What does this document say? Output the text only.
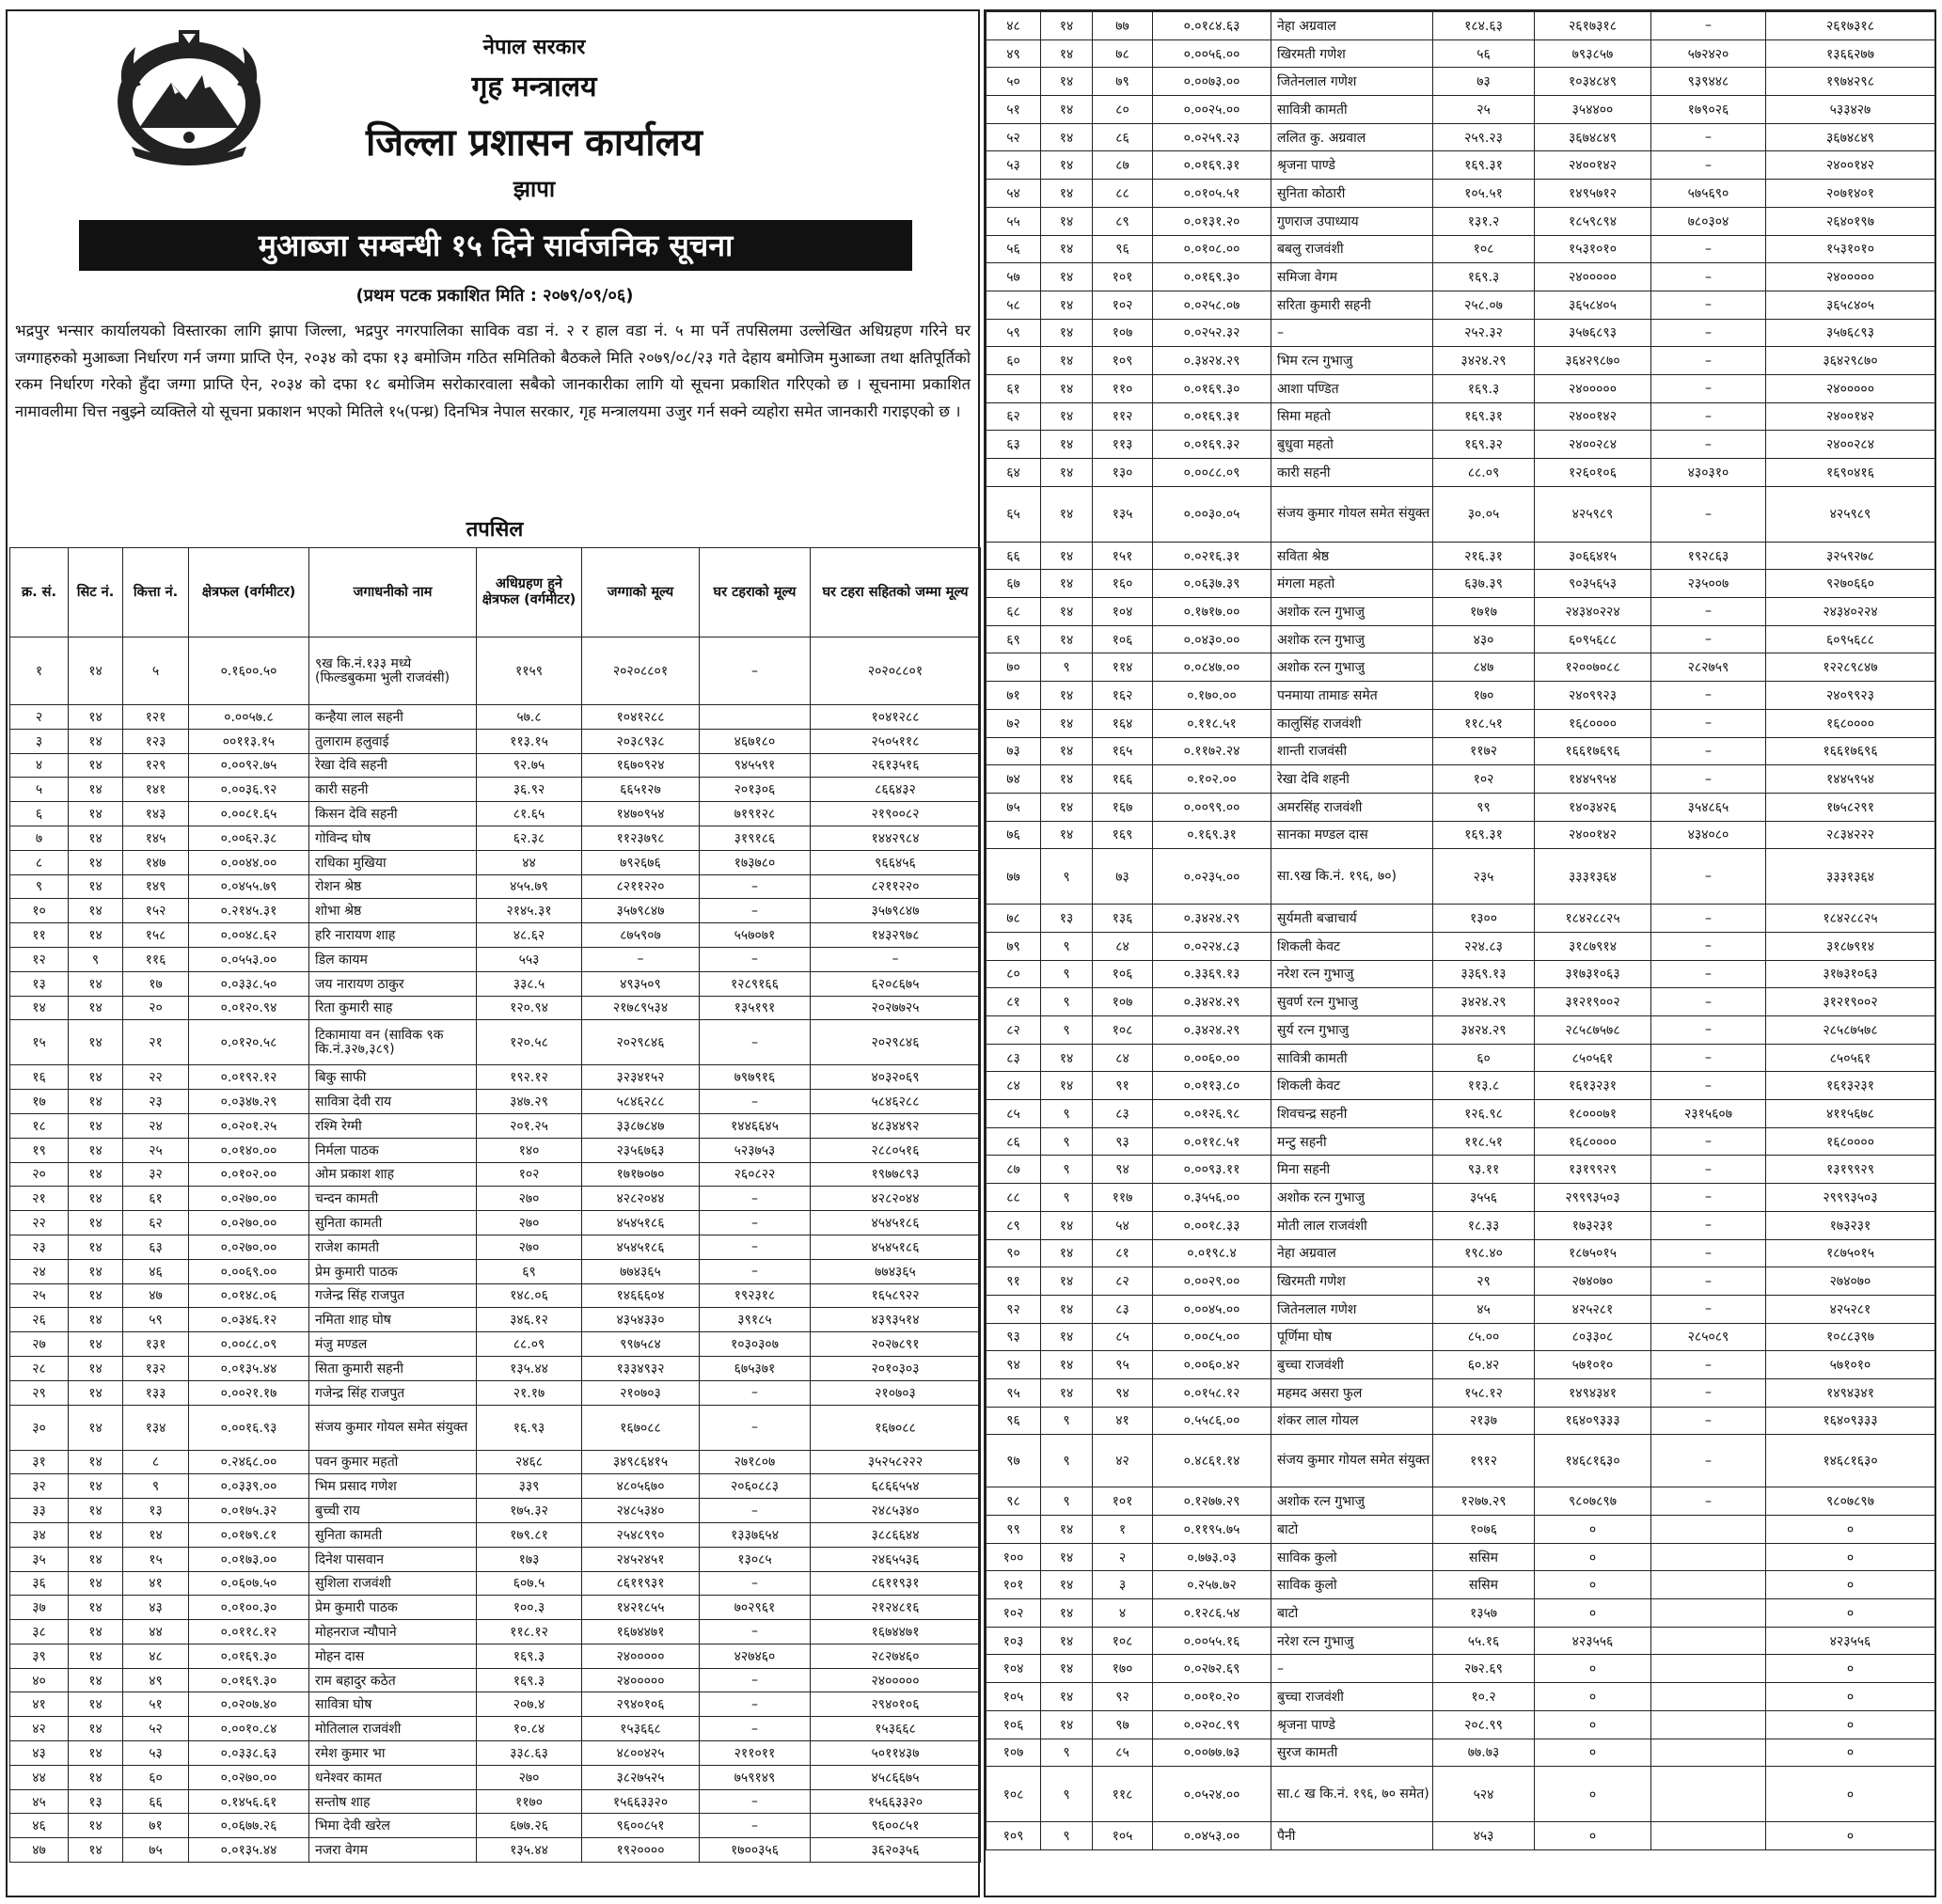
नेपाल सरकार
गृह मन्त्रालय
जिल्ला प्रशासन कार्यालय
झापा
मुआब्जा सम्बन्धी १५ दिने सार्वजनिक सूचना
(प्रथम पटक प्रकाशित मिति : २०७९/०९/०६)
भद्रपुर भन्सार कार्यालयको विस्तारका लागि झापा जिल्ला, भद्रपुर नगरपालिका साविक वडा नं. २ र हाल वडा नं. ५ मा पर्ने तपसिलमा उल्लेखित अधिग्रहण गरिने घर जग्गाहरुको मुआब्जा निर्धारण गर्न जग्गा प्राप्ति ऐन, २०३४ को दफा १३ बमोजिम गठित समितिको बैठकले मिति २०७९/०८/२३ गते देहाय बमोजिम मुआब्जा तथा क्षतिपूर्तिको रकम निर्धारण गरेको हुँदा जग्गा प्राप्ति ऐन, २०३४ को दफा १८ बमोजिम सरोकारवाला सबैको जानकारीका लागि यो सूचना प्रकाशित गरिएको छ । सूचनामा प्रकाशित नामावलीमा चित्त नबुझ्ने व्यक्तिले यो सूचना प्रकाशन भएको मितिले १५(पन्ध्र) दिनभित्र नेपाल सरकार, गृह मन्त्रालयमा उजुर गर्न सक्ने व्यहोरा समेत जानकारी गराइएको छ ।
तपसिल
क्र. सं.	सिट नं.	कित्ता नं.	क्षेत्रफल (वर्गमीटर)	जगाधनीको नाम	अधिग्रहण हुने क्षेत्रफल (वर्गमीटर)	जग्गाको मूल्य	घर टहराको मूल्य	घर टहरा सहितको जम्मा मूल्य
१	१४	५	०.१६००.५०	९ख कि.नं.१३३ मध्ये (फिल्डबुकमा भुली राजवंसी)	११५९	२०२०८८०१	–	२०२०८८०१
२	१४	१२१	०.००५७.८	कन्हैया लाल सहनी	५७.८	१०४१२८८		१०४१२८८
३	१४	१२३	००११३.१५	तुलाराम हलुवाई	११३.१५	२०३८९३८	४६७१८०	२५०५११८
४	१४	१२९	०.००९२.७५	रेखा देवि सहनी	९२.७५	१६७०९२४	९४५५९१	२६१३५१६
५	१४	१४१	०.००३६.९२	कारी सहनी	३६.९२	६६५१२७	२०१३०६	८६६४३२
६	१४	१४३	०.००८१.६५	किसन देवि सहनी	८१.६५	१४७०९५४	७१९१२८	२१९००८२
७	१४	१४५	०.००६२.३८	गोविन्द घोष	६२.३८	११२३७९८	३१९१८६	१४४२९८४
८	१४	१४७	०.००४४.००	राधिका मुखिया	४४	७९२६७६	१७३७८०	९६६४५६
९	१४	१४९	०.०४५५.७९	रोशन श्रेष्ठ	४५५.७९	८२११२२०	–	८२११२२०
१०	१४	१५२	०.२१४५.३१	शोभा श्रेष्ठ	२१४५.३१	३५७९८४७	–	३५७९८४७
११	१४	१५८	०.००४८.६२	हरि नारायण शाह	४८.६२	८७५९०७	५५७०७१	१४३२९७८
१२	९	११६	०.०५५३.००	डिल कायम	५५३	–	–	–
१३	१४	१७	०.०३३८.५०	जय नारायण ठाकुर	३३८.५	४९३५०९	१२८९१६६	६२०८६७५
१४	१४	२०	०.०१२०.९४	रिता कुमारी साह	१२०.९४	२१७८९५३४	१३५१९१	२०२७७२५
१५	१४	२१	०.०१२०.५८	टिकामाया वन (साविक ९क कि.नं.३२७,३८९)	१२०.५८	२०२९८४६	–	२०२९८४६
१६	१४	२२	०.०१९२.१२	बिकु साफी	१९२.१२	३२३४१५२	७९७९१६	४०३२०६९
१७	१४	२३	०.०३४७.२९	सावित्रा देवी राय	३४७.२९	५८४६२८८	–	५८४६२८८
१८	१४	२४	०.०२०१.२५	रश्मि रेग्मी	२०१.२५	३३८७८४७	१४४६६४५	४८३४४९२
१९	१४	२५	०.०१४०.००	निर्मला पाठक	१४०	२३५६७६३	५२३७५३	२८८०५१६
२०	१४	३२	०.०१०२.००	ओम प्रकाश शाह	१०२	१७१७०७०	२६०८२२	१९७७८९३
२१	१४	६१	०.०२७०.००	चन्दन कामती	२७०	४२८२०४४	–	४२८२०४४
२२	१४	६२	०.०२७०.००	सुनिता कामती	२७०	४५४५१८६	–	४५४५१८६
२३	१४	६३	०.०२७०.००	राजेश कामती	२७०	४५४५१८६	–	४५४५१८६
२४	१४	४६	०.००६९.००	प्रेम कुमारी पाठक	६९	७७४३६५	–	७७४३६५
२५	१४	४७	०.०१४८.०६	गजेन्द्र सिंह राजपुत	१४८.०६	१४६६६०४	१९२३१८	१६५८९२२
२६	१४	५९	०.०३४६.१२	नमिता शाह घोष	३४६.१२	४३५४३३०	३९१८५	४३९३५१४
२७	१४	१३१	०.००८८.०९	मंजु मण्डल	८८.०९	९९७५८४	१०३०३०७	२०२७८९१
२८	१४	१३२	०.०१३५.४४	सिता कुमारी सहनी	१३५.४४	१३३४९३२	६७५३७१	२०१०३०३
२९	१४	१३३	०.००२१.१७	गजेन्द्र सिंह राजपुत	२१.१७	२१०७०३	–	२१०७०३
३०	१४	१३४	०.००१६.९३	संजय कुमार गोयल समेत संयुक्त	१६.९३	१६७०८८	–	१६७०८८
३१	१४	८	०.२४६८.००	पवन कुमार महतो	२४६८	३४९८६४१५	२७१८०७	३५२५८२२२
३२	१४	९	०.०३३९.००	भिम प्रसाद गणेश	३३९	४८०५६७०	२०६०८८३	६८६६५५४
३३	१४	१३	०.०१७५.३२	बुच्ची राय	१७५.३२	२४८५३४०	–	२४८५३४०
३४	१४	१४	०.०१७९.८१	सुनिता कामती	१७९.८१	२५४८९९०	१३३७६५४	३८८६६४४
३५	१४	१५	०.०१७३.००	दिनेश पासवान	१७३	२४५२४५१	१३०८५	२४६५५३६
३६	१४	४१	०.०६०७.५०	सुशिला राजवंशी	६०७.५	८६११९३१	–	८६११९३१
३७	१४	४३	०.०१००.३०	प्रेम कुमारी पाठक	१००.३	१४२१८५५	७०२९६१	२१२४८१६
३८	१४	४४	०.०११८.१२	मोहनराज न्यौपाने	११८.१२	१६७४४७१	–	१६७४४७१
३९	१४	४८	०.०१६९.३०	मोहन दास	१६९.३	२४०००००	४२७४६०	२८२७४६०
४०	१४	४९	०.०१६९.३०	राम बहादुर कठेत	१६९.३	२४०००००	–	२४०००००
४१	१४	५१	०.०२०७.४०	सावित्रा घोष	२०७.४	२९४०१०६	–	२९४०१०६
४२	१४	५२	०.००१०.८४	मोतिलाल राजवंशी	१०.८४	१५३६६८	–	१५३६६८
४३	१४	५३	०.०३३८.६३	रमेश कुमार भा	३३८.६३	४८००४२५	२११०११	५०११४३७
४४	१४	६०	०.०२७०.००	धनेश्वर कामत	२७०	३८२७५२५	७५९१४९	४५८६६७५
४५	१३	६६	०.१४५६.६१	सन्तोष शाह	११७०	१५६६३३२०	–	१५६६३३२०
४६	१४	७१	०.०६७७.२६	भिमा देवी खरेल	६७७.२६	९६००८५१	–	९६००८५१
४७	१४	७५	०.०१३५.४४	नजरा वेगम	१३५.४४	१९२००००	१७००३५६	३६२०३५६
४८	१४	७७	०.०१८४.६३	नेहा अग्रवाल	१८४.६३	२६१७३१८	–	२६१७३१८
४९	१४	७८	०.००५६.००	खिरमती गणेश	५६	७९३८५७	५७२४२०	१३६६२७७
५०	१४	७९	०.००७३.००	जितेनलाल गणेश	७३	१०३४८४९	९३९४४८	१९७४२९८
५१	१४	८०	०.००२५.००	सावित्री कामती	२५	३५४४००	१७९०२६	५३३४२७
५२	१४	८६	०.०२५९.२३	ललित कु. अग्रवाल	२५९.२३	३६७४८४९	–	३६७४८४९
५३	१४	८७	०.०१६९.३१	श्रृजना पाण्डे	१६९.३१	२४००१४२	–	२४००१४२
५४	१४	८८	०.०१०५.५१	सुनिता कोठारी	१०५.५१	१४९५७१२	५७५६९०	२०७१४०१
५५	१४	८९	०.०१३१.२०	गुणराज उपाध्याय	१३१.२	१८५९८९४	७८०३०४	२६४०१९७
५६	१४	९६	०.०१०८.००	बबलु राजवंशी	१०८	१५३१०१०	–	१५३१०१०
५७	१४	१०१	०.०१६९.३०	समिजा वेगम	१६९.३	२४०००००	–	२४०००००
५८	१४	१०२	०.०२५८.०७	सरिता कुमारी सहनी	२५८.०७	३६५८४०५	–	३६५८४०५
५९	१४	१०७	०.०२५२.३२	–	२५२.३२	३५७६८९३	–	३५७६८९३
६०	१४	१०९	०.३४२४.२९	भिम रत्न गुभाजु	३४२४.२९	३६४२९८७०	–	३६४२९८७०
६१	१४	११०	०.०१६९.३०	आशा पण्डित	१६९.३	२४०००००	–	२४०००००
६२	१४	११२	०.०१६९.३१	सिमा महतो	१६९.३१	२४००१४२	–	२४००१४२
६३	१४	११३	०.०१६९.३२	बुधुवा महतो	१६९.३२	२४००२८४	–	२४००२८४
६४	१४	१३०	०.००८८.०९	कारी सहनी	८८.०९	१२६०१०६	४३०३१०	१६९०४१६
६५	१४	१३५	०.००३०.०५	संजय कुमार गोयल समेत संयुक्त	३०.०५	४२५९८९	–	४२५९८९
६६	१४	१५१	०.०२१६.३१	सविता श्रेष्ठ	२१६.३१	३०६६४१५	१९२८६३	३२५९२७८
६७	१४	१६०	०.०६३७.३९	मंगला महतो	६३७.३९	९०३५६५३	२३५००७	९२७०६६०
६८	१४	१०४	०.१७१७.००	अशोक रत्न गुभाजु	१७१७	२४३४०२२४	–	२४३४०२२४
६९	१४	१०६	०.०४३०.००	अशोक रत्न गुभाजु	४३०	६०९५६८८	–	६०९५६८८
७०	९	११४	०.०८४७.००	अशोक रत्न गुभाजु	८४७	१२००७०८८	२८२७५९	१२२८९८४७
७१	१४	१६२	०.१७०.००	पनमाया तामाङ समेत	१७०	२४०९९२३	–	२४०९९२३
७२	१४	१६४	०.११८.५१	कालुसिंह राजवंशी	११८.५१	१६८००००	–	१६८००००
७३	१४	१६५	०.११७२.२४	शान्ती राजवंसी	११७२	१६६१७६९६	–	१६६१७६९६
७४	१४	१६६	०.१०२.००	रेखा देवि शहनी	१०२	१४४५९५४	–	१४४५९५४
७५	१४	१६७	०.००९९.००	अमरसिंह राजवंशी	९९	१४०३४२६	३५४८६५	१७५८२९१
७६	१४	१६९	०.१६९.३१	सानका मण्डल दास	१६९.३१	२४००१४२	४३४०८०	२८३४२२२
७७	९	७३	०.०२३५.००	सा.९ख कि.नं. १९६, ७०)	२३५	३३३१३६४	–	३३३१३६४
७८	१३	१३६	०.३४२४.२९	सुर्यमती बज्राचार्य	१३००	१८४२८८२५	–	१८४२८८२५
७९	९	८४	०.०२२४.८३	शिकली केवट	२२४.८३	३१८७९१४	–	३१८७९१४
८०	९	१०६	०.३३६९.१३	नरेश रत्न गुभाजु	३३६९.१३	३१७३१०६३	–	३१७३१०६३
८१	९	१०७	०.३४२४.२९	सुवर्ण रत्न गुभाजु	३४२४.२९	३१२१९००२	–	३१२१९००२
८२	९	१०८	०.३४२४.२९	सुर्य रत्न गुभाजु	३४२४.२९	२८५८७५७८	–	२८५८७५७८
८३	१४	८४	०.००६०.००	सावित्री कामती	६०	८५०५६१	–	८५०५६१
८४	१४	९१	०.०११३.८०	शिकली केवट	११३.८	१६१३२३१	–	१६१३२३१
८५	९	८३	०.०१२६.९८	शिवचन्द्र सहनी	१२६.९८	१८०००७१	२३१५६०७	४११५६७८
८६	९	९३	०.०११८.५१	मन्टु सहनी	११८.५१	१६८००००	–	१६८००००
८७	९	९४	०.००९३.११	मिना सहनी	९३.११	१३१९९२९	–	१३१९९२९
८८	९	११७	०.३५५६.००	अशोक रत्न गुभाजु	३५५६	२९९९३५०३	–	२९९९३५०३
८९	१४	५४	०.००१८.३३	मोती लाल राजवंशी	१८.३३	१७३२३१	–	१७३२३१
९०	१४	८१	०.०१९८.४	नेहा अग्रवाल	१९८.४०	१८७५०१५	–	१८७५०१५
९१	१४	८२	०.००२९.००	खिरमती गणेश	२९	२७४०७०	–	२७४०७०
९२	१४	८३	०.००४५.००	जितेनलाल गणेश	४५	४२५२८१	–	४२५२८१
९३	१४	८५	०.००८५.००	पूर्णिमा घोष	८५.००	८०३३०८	२८५०८९	१०८८३९७
९४	१४	९५	०.००६०.४२	बुच्चा राजवंशी	६०.४२	५७१०१०	–	५७१०१०
९५	१४	९४	०.०१५८.१२	महमद असरा फुल	१५८.१२	१४९४३४१	–	१४९४३४१
९६	९	४१	०.५५८६.००	शंकर लाल गोयल	२१३७	१६४०९३३३	–	१६४०९३३३
९७	९	४२	०.४८६१.१४	संजय कुमार गोयल समेत संयुक्त	१९१२	१४६८१६३०	–	१४६८१६३०
९८	९	१०१	०.१२७७.२९	अशोक रत्न गुभाजु	१२७७.२९	९८०७८९७	–	९८०७८९७
९९	१४	१	०.११९५.७५	बाटो	१०७६	०		०
१००	१४	२	०.७७३.०३	साविक कुलो	ससिम	०		०
१०१	१४	३	०.२५७.७२	साविक कुलो	ससिम	०		०
१०२	१४	४	०.१२८६.५४	बाटो	१३५७	०		०
१०३	१४	१०८	०.००५५.१६	नरेश रत्न गुभाजु	५५.१६	४२३५५६		४२३५५६
१०४	१४	१७०	०.०२७२.६९	–	२७२.६९	०		०
१०५	१४	९२	०.००१०.२०	बुच्चा राजवंशी	१०.२	०		०
१०६	१४	९७	०.०२०८.९९	श्रृजना पाण्डे	२०८.९९	०		०
१०७	९	८५	०.००७७.७३	सुरज कामती	७७.७३	०		०
१०८	९	११८	०.०५२४.००	सा.८ ख कि.नं. १९६, ७० समेत)	५२४	०		०
१०९	९	१०५	०.०४५३.००	पैनी	४५३	०		०
